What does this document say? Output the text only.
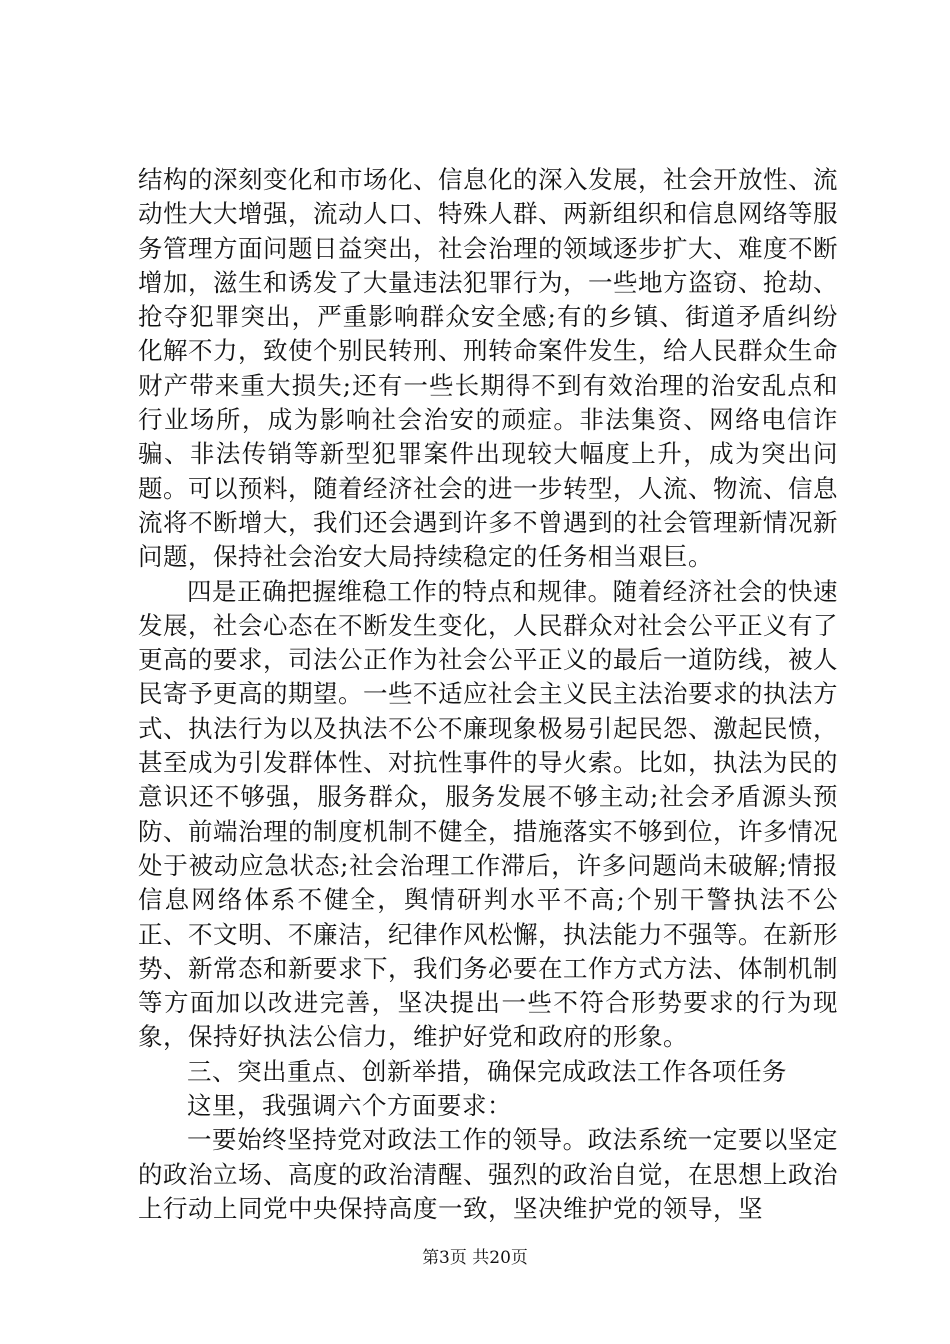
结构的深刻变化和市场化、信息化的深入发展，社会开放性、流动性大大增强，流动人口、特殊人群、两新组织和信息网络等服务管理方面问题日益突出，社会治理的领域逐步扩大、难度不断增加，滋生和诱发了大量违法犯罪行为，一些地方盗窃、抢劫、抢夺犯罪突出，严重影响群众安全感;有的乡镇、街道矛盾纠纷化解不力，致使个别民转刑、刑转命案件发生，给人民群众生命财产带来重大损失;还有一些长期得不到有效治理的治安乱点和行业场所，成为影响社会治安的顽症。非法集资、网络电信诈骗、非法传销等新型犯罪案件出现较大幅度上升，成为突出问题。可以预料，随着经济社会的进一步转型，人流、物流、信息流将不断增大，我们还会遇到许多不曾遇到的社会管理新情况新问题，保持社会治安大局持续稳定的任务相当艰巨。

四是正确把握维稳工作的特点和规律。随着经济社会的快速发展，社会心态在不断发生变化，人民群众对社会公平正义有了更高的要求，司法公正作为社会公平正义的最后一道防线，被人民寄予更高的期望。一些不适应社会主义民主法治要求的执法方式、执法行为以及执法不公不廉现象极易引起民怨、激起民愤，甚至成为引发群体性、对抗性事件的导火索。比如，执法为民的意识还不够强，服务群众，服务发展不够主动;社会矛盾源头预防、前端治理的制度机制不健全，措施落实不够到位，许多情况处于被动应急状态;社会治理工作滞后，许多问题尚未破解;情报信息网络体系不健全，舆情研判水平不高;个别干警执法不公正、不文明、不廉洁，纪律作风松懈，执法能力不强等。在新形势、新常态和新要求下，我们务必要在工作方式方法、体制机制等方面加以改进完善，坚决提出一些不符合形势要求的行为现象，保持好执法公信力，维护好党和政府的形象。

三、突出重点、创新举措，确保完成政法工作各项任务

这里，我强调六个方面要求：

一要始终坚持党对政法工作的领导。政法系统一定要以坚定的政治立场、高度的政治清醒、强烈的政治自觉，在思想上政治上行动上同党中央保持高度一致，坚决维护党的领导，坚

第3页 共20页
